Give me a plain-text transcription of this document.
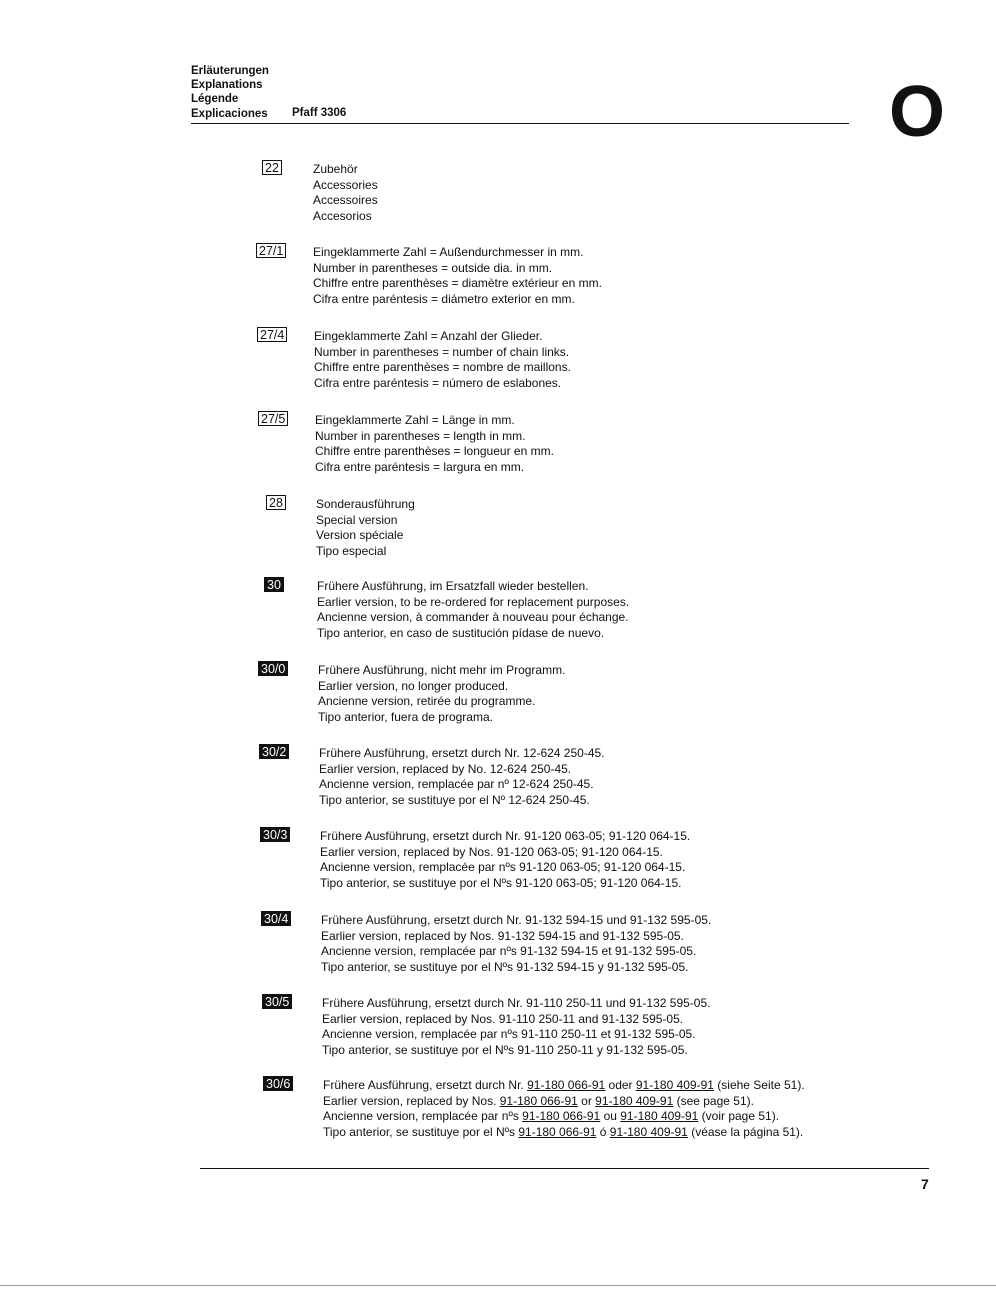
Erläuterungen
Explanations
Légende
Explicaciones Pfaff 3306	O
22	Zubehör
Accessories
Accessoires
Accesorios
27/1 Eingeklammerte Zahl = Außendurchmesser in mm.
Number in parentheses = outside dia. in mm.
Chiffre entre parenthèses = diamètre extérieur en mm.
Cifra entre paréntesis = diámetro exterior en mm.
27/4 Eingeklammerte Zahl = Anzahl der Glieder.
Number in parentheses = number of chain links.
Chiffre entre parenthèses = nombre de maillons.
Cifra entre paréntesis = número de eslabones.
27/5 Eingeklammerte Zahl = Länge in mm.
Number in parentheses = length in mm.
Chiffre entre parenthèses = longueur en mm.
Cifra entre paréntesis = largura en mm.
28	Sonderausführung
Special version
Version spéciale
Tipo especial
30	Frühere Ausführung, im Ersatzfall wieder bestellen.
Earlier version, to be re-ordered for replacement purposes.
Ancienne version, à commander à nouveau pour échange.
Tipo anterior, en caso de sustitución pídase de nuevo.
30/0	Frühere Ausführung, nicht mehr im Programm.
Earlier version, no longer produced.
Ancienne version, retirée du programme.
Tipo anterior, fuera de programa.
30/2	Frühere Ausführung, ersetzt durch Nr. 12-624 250-45.
Earlier version, replaced by No. 12-624 250-45.
Ancienne version, remplacée par nº 12-624 250-45.
Tipo anterior, se sustituye por el Nº 12-624 250-45.
30/3	Frühere Ausführung, ersetzt durch Nr. 91-120 063-05; 91-120 064-15.
Earlier version, replaced by Nos. 91-120 063-05; 91-120 064-15.
Ancienne version, remplacée par nºs 91-120 063-05; 91-120 064-15.
Tipo anterior, se sustituye por el Nºs 91-120 063-05; 91-120 064-15.
30/4	Frühere Ausführung, ersetzt durch Nr. 91-132 594-15 und 91-132 595-05.
Earlier version, replaced by Nos. 91-132 594-15 and 91-132 595-05.
Ancienne version, remplacée par nºs 91-132 594-15 et 91-132 595-05.
Tipo anterior, se sustituye por el Nºs 91-132 594-15 y 91-132 595-05.
30/5	Frühere Ausführung, ersetzt durch Nr. 91-110 250-11 und 91-132 595-05.
Earlier version, replaced by Nos. 91-110 250-11 and 91-132 595-05.
Ancienne version, remplacée par nºs 91-110 250-11 et 91-132 595-05.
Tipo anterior, se sustituye por el Nºs 91-110 250-11 y 91-132 595-05.
30/6	Frühere Ausführung, ersetzt durch Nr. 91-180 066-91 oder 91-180 409-91 (siehe Seite 51).
Earlier version, replaced by Nos. 91-180 066-91 or 91-180 409-91 (see page 51).
Ancienne version, remplacée par nºs 91-180 066-91 ou 91-180 409-91 (voir page 51).
Tipo anterior, se sustituye por el Nºs 91-180 066-91 ó 91-180 409-91 (véase la página 51).
7
